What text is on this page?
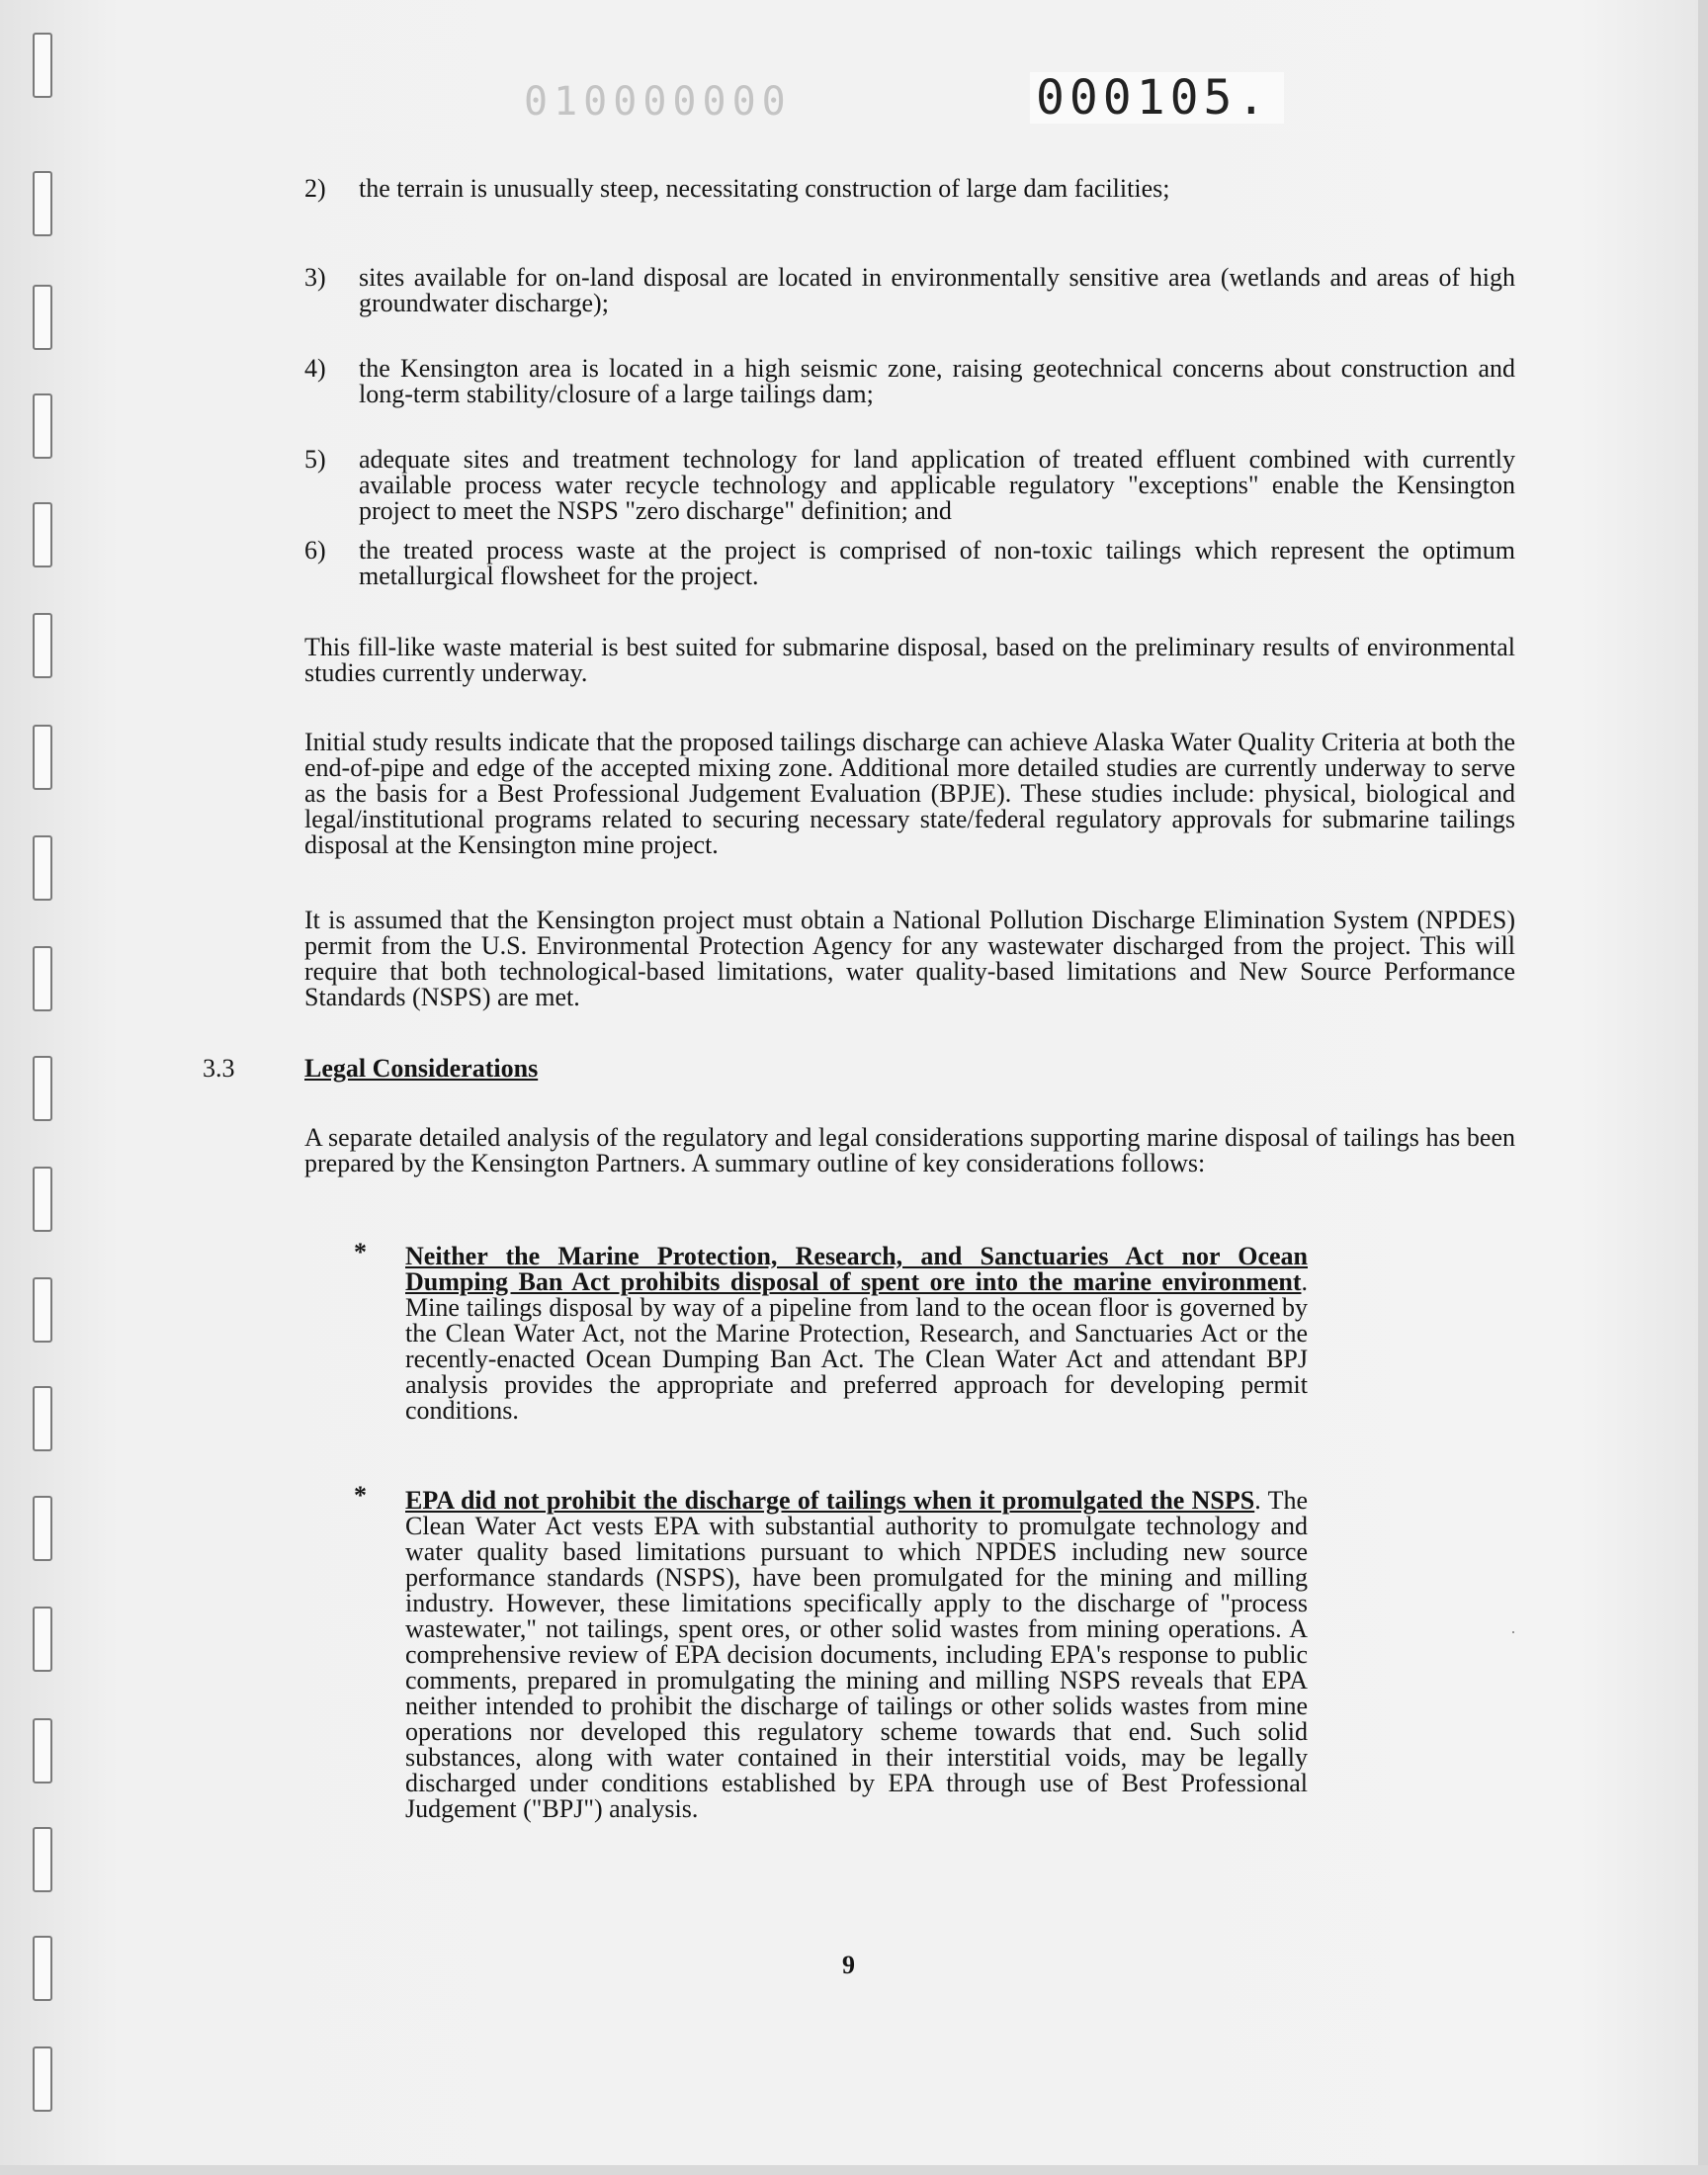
010000000	000105.
2) the terrain is unusually steep, necessitating construction of large dam facilities;
3) sites available for on-land disposal are located in environmentally sensitive area (wetlands and areas of high groundwater discharge);
4) the Kensington area is located in a high seismic zone, raising geotechnical concerns about construction and long-term stability/closure of a large tailings dam;
5) adequate sites and treatment technology for land application of treated effluent combined with currently available process water recycle technology and applicable regulatory "exceptions" enable the Kensington project to meet the NSPS "zero discharge" definition; and
6) the treated process waste at the project is comprised of non-toxic tailings which represent the optimum metallurgical flowsheet for the project.
This fill-like waste material is best suited for submarine disposal, based on the preliminary results of environmental studies currently underway.
Initial study results indicate that the proposed tailings discharge can achieve Alaska Water Quality Criteria at both the end-of-pipe and edge of the accepted mixing zone. Additional more detailed studies are currently underway to serve as the basis for a Best Professional Judgement Evaluation (BPJE). These studies include: physical, biological and legal/institutional programs related to securing necessary state/federal regulatory approvals for submarine tailings disposal at the Kensington mine project.
It is assumed that the Kensington project must obtain a National Pollution Discharge Elimination System (NPDES) permit from the U.S. Environmental Protection Agency for any wastewater discharged from the project. This will require that both technological-based limitations, water quality-based limitations and New Source Performance Standards (NSPS) are met.
3.3	Legal Considerations
A separate detailed analysis of the regulatory and legal considerations supporting marine disposal of tailings has been prepared by the Kensington Partners. A summary outline of key considerations follows:
* Neither the Marine Protection, Research, and Sanctuaries Act nor Ocean Dumping Ban Act prohibits disposal of spent ore into the marine environment. Mine tailings disposal by way of a pipeline from land to the ocean floor is governed by the Clean Water Act, not the Marine Protection, Research, and Sanctuaries Act or the recently-enacted Ocean Dumping Ban Act. The Clean Water Act and attendant BPJ analysis provides the appropriate and preferred approach for developing permit conditions.
* EPA did not prohibit the discharge of tailings when it promulgated the NSPS. The Clean Water Act vests EPA with substantial authority to promulgate technology and water quality based limitations pursuant to which NPDES including new source performance standards (NSPS), have been promulgated for the mining and milling industry. However, these limitations specifically apply to the discharge of "process wastewater," not tailings, spent ores, or other solid wastes from mining operations. A comprehensive review of EPA decision documents, including EPA's response to public comments, prepared in promulgating the mining and milling NSPS reveals that EPA neither intended to prohibit the discharge of tailings or other solids wastes from mine operations nor developed this regulatory scheme towards that end. Such solid substances, along with water contained in their interstitial voids, may be legally discharged under conditions established by EPA through use of Best Professional Judgement ("BPJ") analysis.
9
